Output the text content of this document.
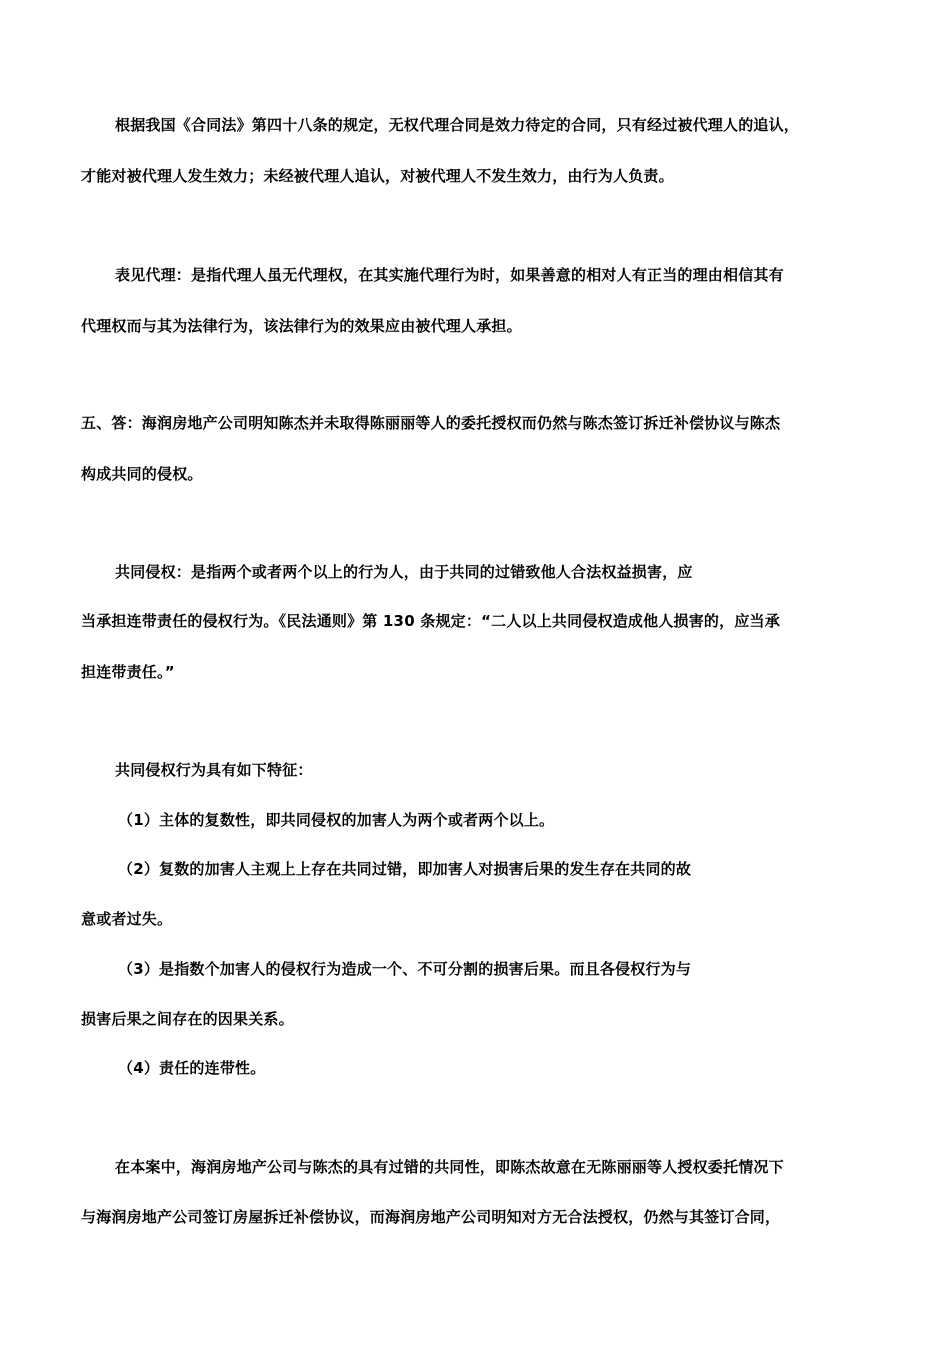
根据我国《合同法》第四十八条的规定，无权代理合同是效力待定的合同，只有经过被代理人的追认，
才能对被代理人发生效力；未经被代理人追认，对被代理人不发生效力，由行为人负责。
表见代理：是指代理人虽无代理权，在其实施代理行为时，如果善意的相对人有正当的理由相信其有
代理权而与其为法律行为，该法律行为的效果应由被代理人承担。
五、答：海润房地产公司明知陈杰并未取得陈丽丽等人的委托授权而仍然与陈杰签订拆迁补偿协议与陈杰
构成共同的侵权。
共同侵权：是指两个或者两个以上的行为人，由于共同的过错致他人合法权益损害，应
当承担连带责任的侵权行为。《民法通则》第 130 条规定：“二人以上共同侵权造成他人损害的，应当承
担连带责任。”
共同侵权行为具有如下特征：
（1）主体的复数性，即共同侵权的加害人为两个或者两个以上。
（2）复数的加害人主观上上存在共同过错，即加害人对损害后果的发生存在共同的故
意或者过失。
（3）是指数个加害人的侵权行为造成一个、不可分割的损害后果。而且各侵权行为与
损害后果之间存在的因果关系。
（4）责任的连带性。
在本案中，海润房地产公司与陈杰的具有过错的共同性，即陈杰故意在无陈丽丽等人授权委托情况下
与海润房地产公司签订房屋拆迁补偿协议，而海润房地产公司明知对方无合法授权，仍然与其签订合同，
